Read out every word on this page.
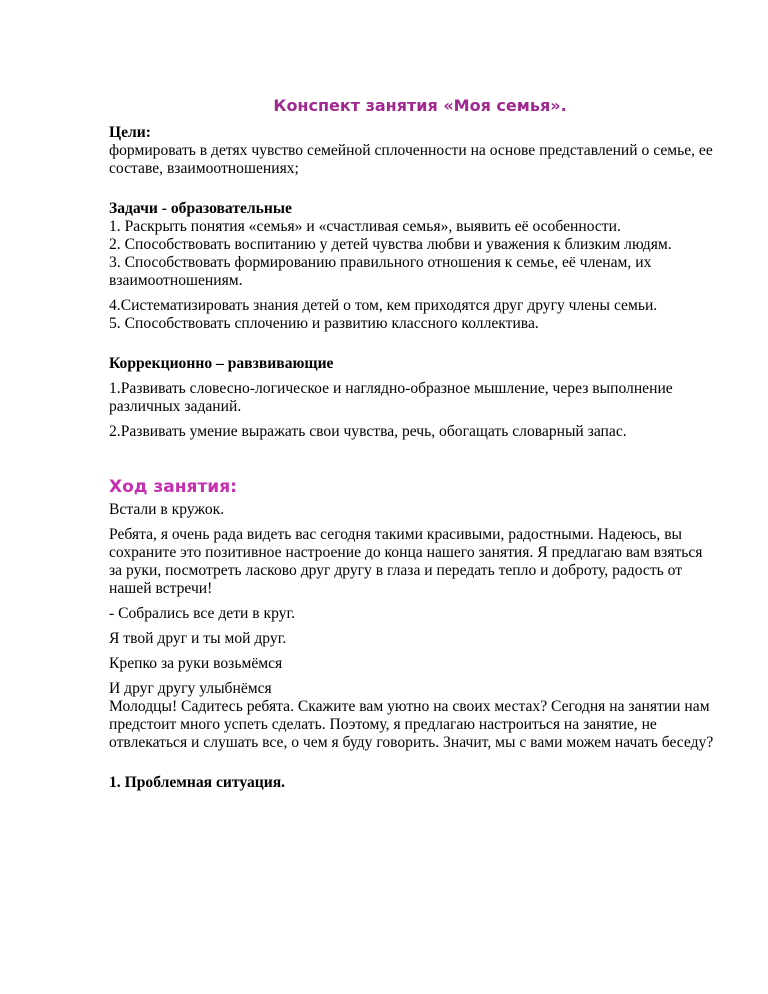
Конспект занятия «Моя семья».

Цели:

формировать в детях чувство семейной сплоченности на основе представлений о семье, ее составе, взаимоотношениях;

Задачи - образовательные

1. Раскрыть понятия «семья» и «счастливая семья», выявить её особенности.

2. Способствовать воспитанию у детей чувства любви и уважения к близким людям.

3. Способствовать формированию правильного отношения к семье, её членам, их взаимоотношениям.

4.Систематизировать знания детей о том, кем приходятся друг другу члены семьи.

5. Способствовать сплочению и развитию классного коллектива.

Коррекционно – равзвивающие

1.Развивать словесно-логическое и наглядно-образное мышление, через выполнение различных заданий.

2.Развивать умение выражать свои чувства, речь, обогащать словарный запас.

Ход занятия:

Встали в кружок.

Ребята, я очень рада видеть вас сегодня такими красивыми, радостными. Надеюсь, вы сохраните это позитивное настроение до конца нашего занятия. Я предлагаю вам взяться за руки, посмотреть ласково друг другу в глаза и передать тепло и доброту, радость от нашей встречи!

- Собрались все дети в круг.

Я твой друг и ты мой друг.

Крепко за руки возьмёмся

И друг другу улыбнёмся

Молодцы! Садитесь ребята. Скажите вам уютно на своих местах? Сегодня на занятии нам предстоит много успеть сделать. Поэтому, я предлагаю настроиться на занятие, не отвлекаться и слушать все, о чем я буду говорить. Значит, мы с вами можем начать беседу?

1. Проблемная ситуация.
